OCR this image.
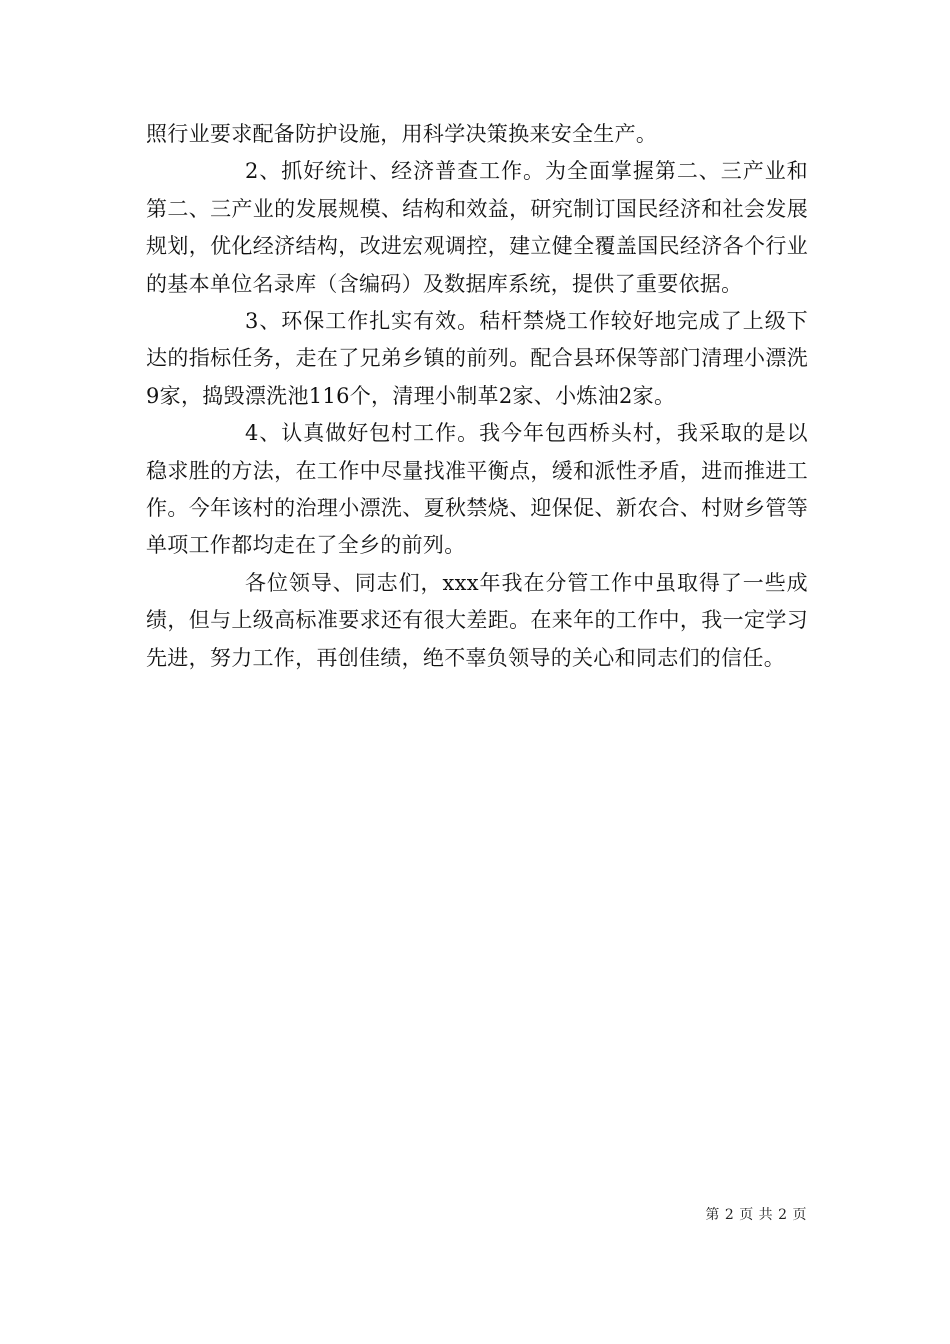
照行业要求配备防护设施，用科学决策换来安全生产。

2、抓好统计、经济普查工作。为全面掌握第二、三产业和第二、三产业的发展规模、结构和效益，研究制订国民经济和社会发展规划，优化经济结构，改进宏观调控，建立健全覆盖国民经济各个行业的基本单位名录库（含编码）及数据库系统，提供了重要依据。

3、环保工作扎实有效。秸杆禁烧工作较好地完成了上级下达的指标任务，走在了兄弟乡镇的前列。配合县环保等部门清理小漂洗9家，捣毁漂洗池116个，清理小制革2家、小炼油2家。

4、认真做好包村工作。我今年包西桥头村，我采取的是以稳求胜的方法，在工作中尽量找准平衡点，缓和派性矛盾，进而推进工作。今年该村的治理小漂洗、夏秋禁烧、迎保促、新农合、村财乡管等单项工作都均走在了全乡的前列。

各位领导、同志们，xxx年我在分管工作中虽取得了一些成绩，但与上级高标准要求还有很大差距。在来年的工作中，我一定学习先进，努力工作，再创佳绩，绝不辜负领导的关心和同志们的信任。

第 2 页 共 2 页
